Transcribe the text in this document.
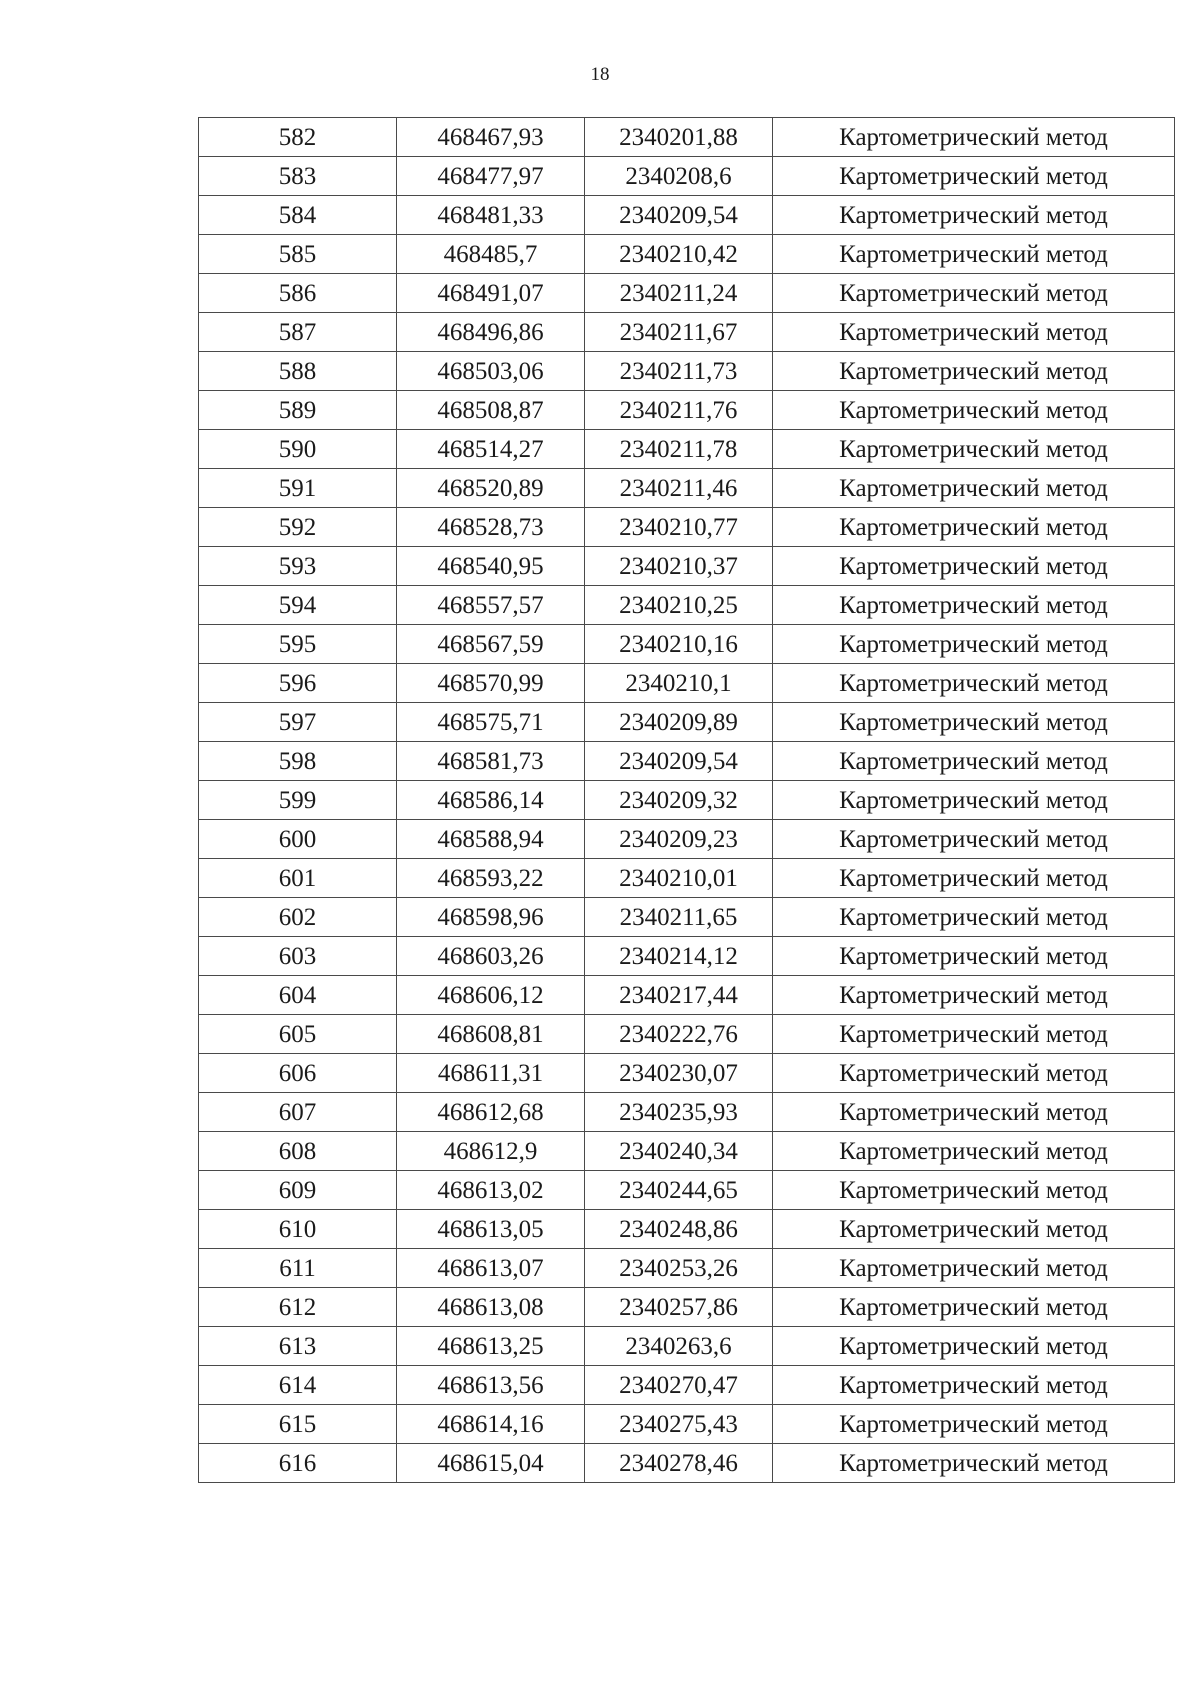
18
582	468467,93	2340201,88	Картометрический метод
583	468477,97	2340208,6	Картометрический метод
584	468481,33	2340209,54	Картометрический метод
585	468485,7	2340210,42	Картометрический метод
586	468491,07	2340211,24	Картометрический метод
587	468496,86	2340211,67	Картометрический метод
588	468503,06	2340211,73	Картометрический метод
589	468508,87	2340211,76	Картометрический метод
590	468514,27	2340211,78	Картометрический метод
591	468520,89	2340211,46	Картометрический метод
592	468528,73	2340210,77	Картометрический метод
593	468540,95	2340210,37	Картометрический метод
594	468557,57	2340210,25	Картометрический метод
595	468567,59	2340210,16	Картометрический метод
596	468570,99	2340210,1	Картометрический метод
597	468575,71	2340209,89	Картометрический метод
598	468581,73	2340209,54	Картометрический метод
599	468586,14	2340209,32	Картометрический метод
600	468588,94	2340209,23	Картометрический метод
601	468593,22	2340210,01	Картометрический метод
602	468598,96	2340211,65	Картометрический метод
603	468603,26	2340214,12	Картометрический метод
604	468606,12	2340217,44	Картометрический метод
605	468608,81	2340222,76	Картометрический метод
606	468611,31	2340230,07	Картометрический метод
607	468612,68	2340235,93	Картометрический метод
608	468612,9	2340240,34	Картометрический метод
609	468613,02	2340244,65	Картометрический метод
610	468613,05	2340248,86	Картометрический метод
611	468613,07	2340253,26	Картометрический метод
612	468613,08	2340257,86	Картометрический метод
613	468613,25	2340263,6	Картометрический метод
614	468613,56	2340270,47	Картометрический метод
615	468614,16	2340275,43	Картометрический метод
616	468615,04	2340278,46	Картометрический метод
